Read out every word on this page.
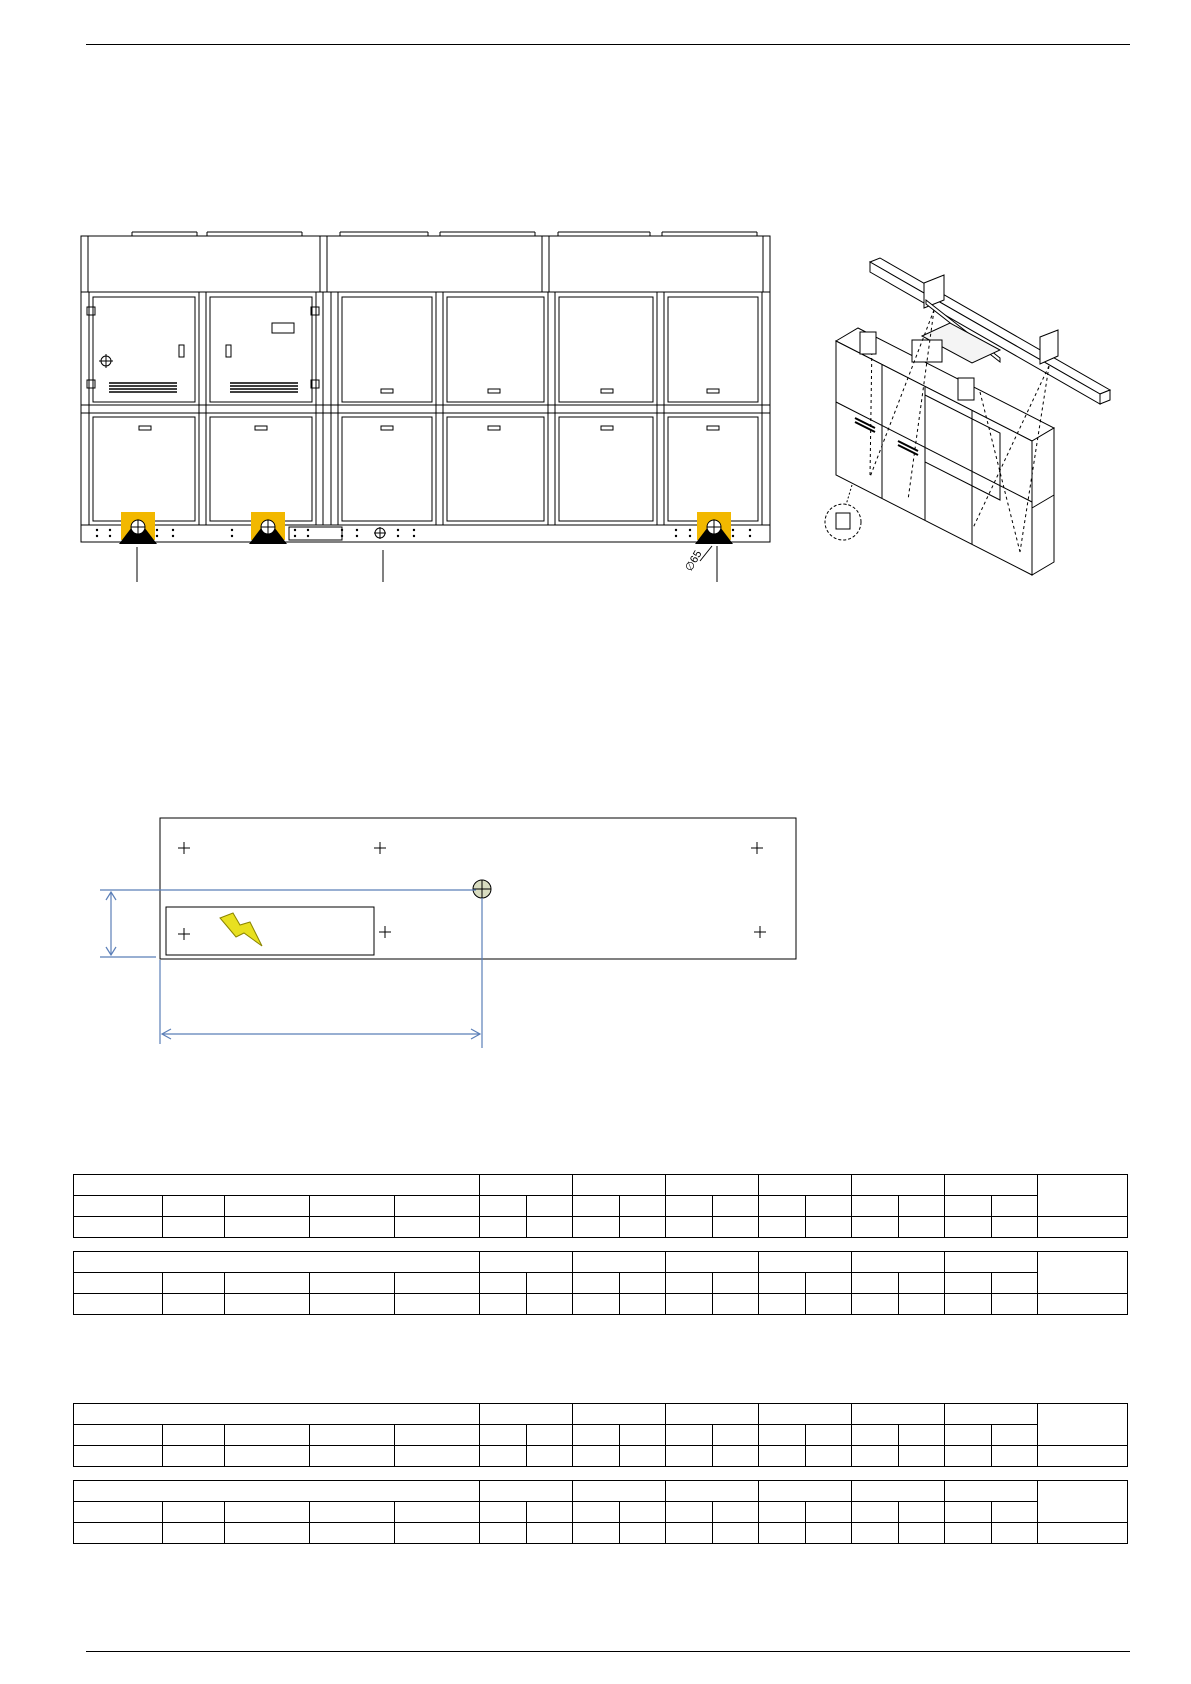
∅65
